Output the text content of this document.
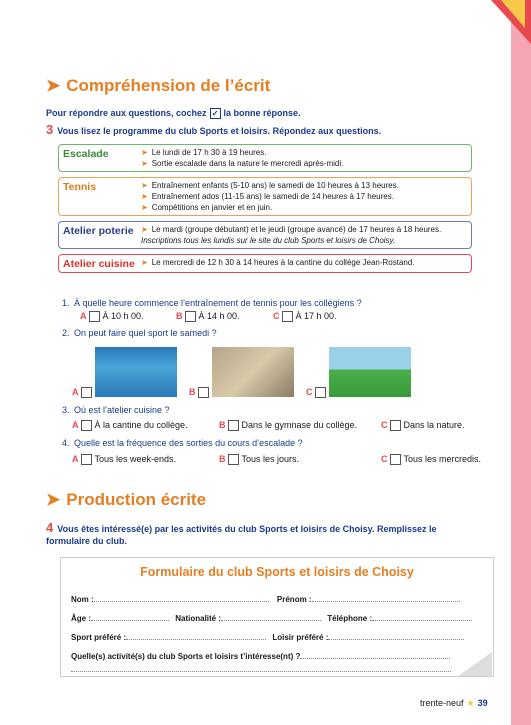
➤ Compréhension de l’écrit
Pour répondre aux questions, cochez ✓ la bonne réponse.
3 Vous lisez le programme du club Sports et loisirs. Répondez aux questions.
Escalade	➤ Le lundi de 17 h 30 à 19 heures.
➤ Sortie escalade dans la nature le mercredi après-midi.
Tennis	➤ Entraînement enfants (5-10 ans) le samedi de 10 heures à 13 heures.
➤ Entraînement ados (11-15 ans) le samedi de 14 heures à 17 heures.
➤ Compétitions en janvier et en juin.
Atelier poterie ➤ Le mardi (groupe débutant) et le jeudi (groupe avancé) de 17 heures à 18 heures.
Inscriptions tous les lundis sur le site du club Sports et loisirs de Choisy.
Atelier cuisine ➤ Le mercredi de 12 h 30 à 14 heures à la cantine du collège Jean-Rostand.
1. À quelle heure commence l’entraînement de tennis pour les collégiens ?
A À 10 h 00.	B À 14 h 00.	C À 17 h 00.
2. On peut faire quel sport le samedi ?
A	B	C
3. Où est l’atelier cuisine ?
A À la cantine du collège.	B Dans le gymnase du collège.	C Dans la nature.
4. Quelle est la fréquence des sorties du cours d’escalade ?
A Tous les week-ends.	B Tous les jours.	C Tous les mercredis.
➤ Production écrite
4 Vous êtes intéressé(e) par les activités du club Sports et loisirs de Choisy. Remplissez le formulaire du club.
Formulaire du club Sports et loisirs de Choisy
Nom :	Prénom :
Âge :	Nationalité :	Téléphone :
Sport préféré :	Loisir préféré :
Quelle(s) activité(s) du club Sports et loisirs t’intéresse(nt) ?
trente-neuf ★ 39
